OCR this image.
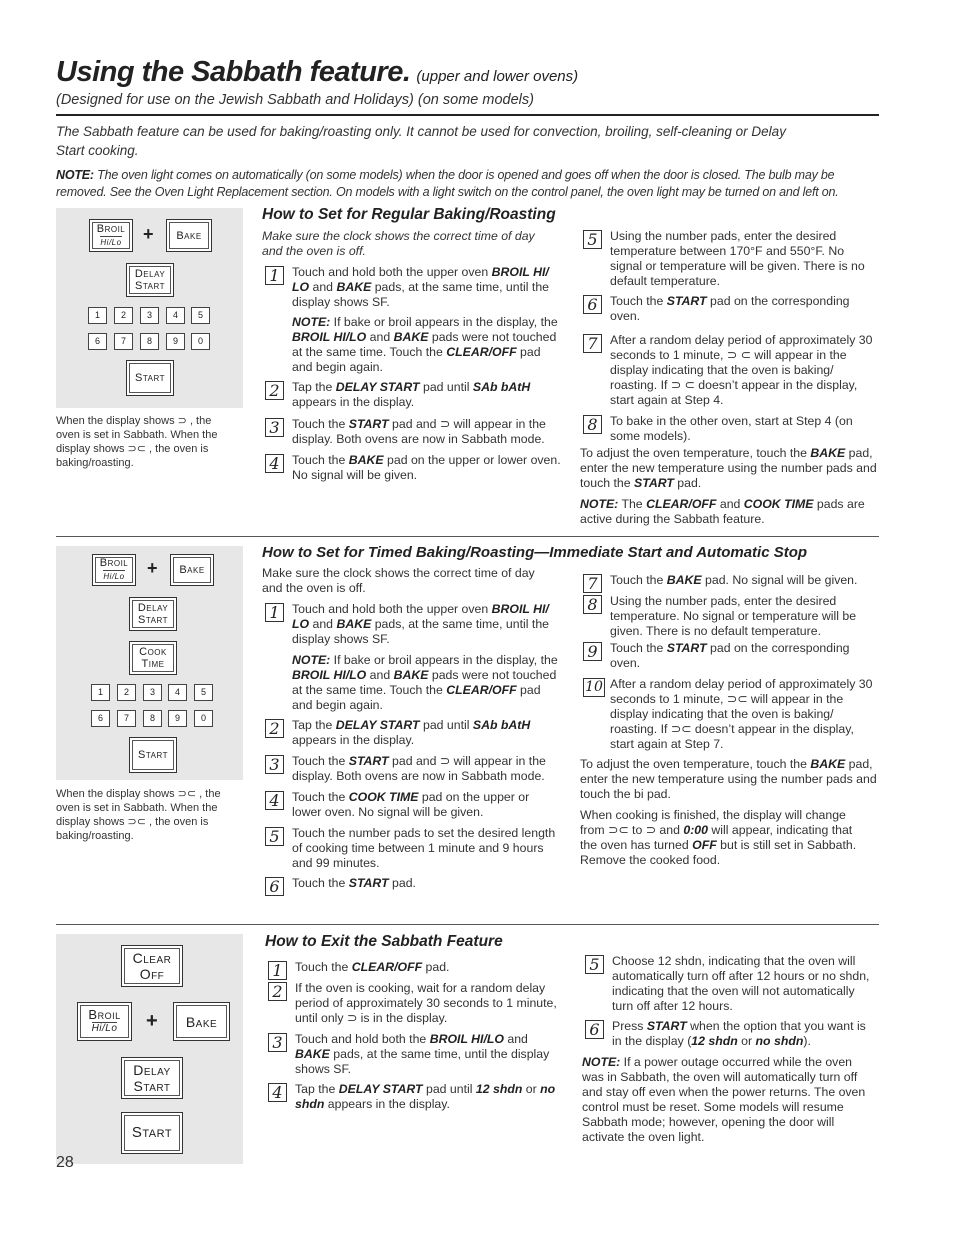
Using the Sabbath feature. (upper and lower ovens)
(Designed for use on the Jewish Sabbath and Holidays) (on some models)
The Sabbath feature can be used for baking/roasting only. It cannot be used for convection, broiling, self-cleaning or Delay Start cooking.
NOTE: The oven light comes on automatically (on some models) when the door is opened and goes off when the door is closed. The bulb may be removed. See the Oven Light Replacement section. On models with a light switch on the control panel, the oven light may be turned on and left on.
Broil
Hi/Lo + Bake
Delay
Start
1	2	3	4	5
6	7	8	9	0
Start
When the display shows ⊃ , the oven is set in Sabbath. When the display shows ⊃⊂ , the oven is baking/roasting.
How to Set for Regular Baking/Roasting
Make sure the clock shows the correct time of day and the oven is off.
1	Touch and hold both the upper oven BROIL HI/ LO and BAKE pads, at the same time, until the display shows SF.
NOTE: If bake or broil appears in the display, the BROIL HI/LO and BAKE pads were not touched at the same time. Touch the CLEAR/OFF pad and begin again.
2	Tap the DELAY START pad until SAb bAtH appears in the display.
3	Touch the START pad and ⊃ will appear in the display. Both ovens are now in Sabbath mode.
4	Touch the BAKE pad on the upper or lower oven. No signal will be given.
5	Using the number pads, enter the desired temperature between 170°F and 550°F. No signal or temperature will be given. There is no default temperature.
6	Touch the START pad on the corresponding oven.
7	After a random delay period of approximately 30 seconds to 1 minute, ⊃ ⊂ will appear in the display indicating that the oven is baking/ roasting. If ⊃ ⊂ doesn’t appear in the display, start again at Step 4.
8	To bake in the other oven, start at Step 4 (on some models).
To adjust the oven temperature, touch the BAKE pad, enter the new temperature using the number pads and touch the START pad.
NOTE: The CLEAR/OFF and COOK TIME pads are active during the Sabbath feature.
Broil
Hi/Lo + Bake
Delay
Start
Cook
Time
1	2	3	4	5
6	7	8	9	0
Start
When the display shows ⊃⊂ , the oven is set in Sabbath. When the display shows ⊃⊂ , the oven is baking/roasting.
How to Set for Timed Baking/Roasting—Immediate Start and Automatic Stop
Make sure the clock shows the correct time of day and the oven is off.
1	Touch and hold both the upper oven BROIL HI/ LO and BAKE pads, at the same time, until the display shows SF.
NOTE: If bake or broil appears in the display, the BROIL HI/LO and BAKE pads were not touched at the same time. Touch the CLEAR/OFF pad and begin again.
2	Tap the DELAY START pad until SAb bAtH appears in the display.
3	Touch the START pad and ⊃ will appear in the display. Both ovens are now in Sabbath mode.
4	Touch the COOK TIME pad on the upper or lower oven. No signal will be given.
5	Touch the number pads to set the desired length of cooking time between 1 minute and 9 hours and 99 minutes.
6	Touch the START pad.
7	Touch the BAKE pad. No signal will be given.
8	Using the number pads, enter the desired temperature. No signal or temperature will be given. There is no default temperature.
9	Touch the START pad on the corresponding oven.
10 After a random delay period of approximately 30 seconds to 1 minute, ⊃⊂ will appear in the display indicating that the oven is baking/ roasting. If ⊃⊂ doesn’t appear in the display, start again at Step 7.
To adjust the oven temperature, touch the BAKE pad, enter the new temperature using the number pads and touch the bi pad.
When cooking is finished, the display will change from ⊃⊂ to ⊃ and 0:00 will appear, indicating that the oven has turned OFF but is still set in Sabbath. Remove the cooked food.
Clear
Off
Broil
Hi/Lo + Bake
Delay
Start
Start
How to Exit the Sabbath Feature
1	Touch the CLEAR/OFF pad.
2	If the oven is cooking, wait for a random delay period of approximately 30 seconds to 1 minute, until only ⊃ is in the display.
3	Touch and hold both the BROIL HI/LO and BAKE pads, at the same time, until the display shows SF.
4	Tap the DELAY START pad until 12 shdn or no shdn appears in the display.
5	Choose 12 shdn, indicating that the oven will automatically turn off after 12 hours or no shdn, indicating that the oven will not automatically turn off after 12 hours.
6	Press START when the option that you want is in the display (12 shdn or no shdn).
NOTE: If a power outage occurred while the oven was in Sabbath, the oven will automatically turn off and stay off even when the power returns. The oven control must be reset. Some models will resume Sabbath mode; however, opening the door will activate the oven light.
28
